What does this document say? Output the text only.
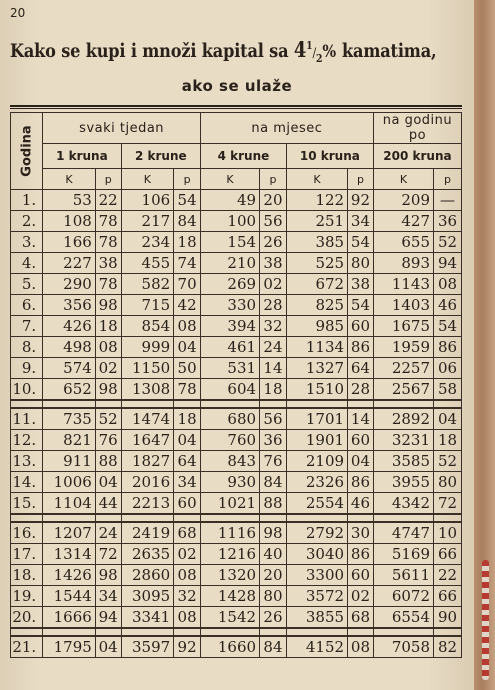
20
Kako se kupi i množi kapital sa $4^1/_2\%$ kamatima,
ako se ulaže
Godina	svaki tjedan				na mjesec				na godinu po	
	1 kruna		2 krune		4 krune		10 kruna		200 kruna	
	K	p	K	p	K	p	K	p	K	p
1.	53	22	106	54	49	20	122	92	209	—
2.	108	78	217	84	100	56	251	34	427	36
3.	166	78	234	18	154	26	385	54	655	52
4.	227	38	455	74	210	38	525	80	893	94
5.	290	78	582	70	269	02	672	38	1143	08
6.	356	98	715	42	330	28	825	54	1403	46
7.	426	18	854	08	394	32	985	60	1675	54
8.	498	08	999	04	461	24	1134	86	1959	86
9.	574	02	1150	50	531	14	1327	64	2257	06
10.	652	98	1308	78	604	18	1510	28	2567	58

11.	735	52	1474	18	680	56	1701	14	2892	04
12.	821	76	1647	04	760	36	1901	60	3231	18
13.	911	88	1827	64	843	76	2109	04	3585	52
14.	1006	04	2016	34	930	84	2326	86	3955	80
15.	1104	44	2213	60	1021	88	2554	46	4342	72

16.	1207	24	2419	68	1116	98	2792	30	4747	10
17.	1314	72	2635	02	1216	40	3040	86	5169	66
18.	1426	98	2860	08	1320	20	3300	60	5611	22
19.	1544	34	3095	32	1428	80	3572	02	6072	66
20.	1666	94	3341	08	1542	26	3855	68	6554	90

21.	1795	04	3597	92	1660	84	4152	08	7058	82
